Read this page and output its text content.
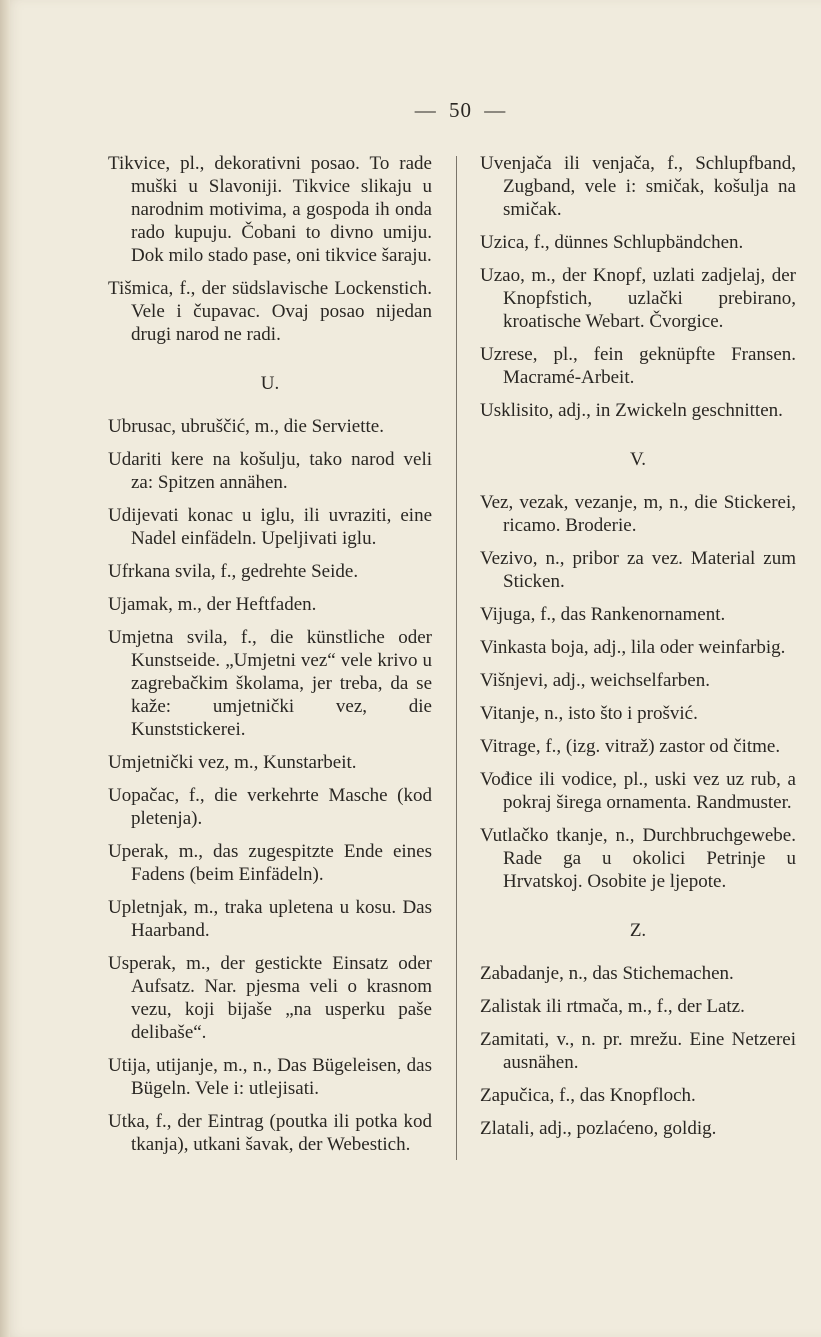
— 50 —

Tikvice, pl., dekorativni posao. To rade muški u Slavoniji. Tikvice slikaju u narodnim motivima, a gospoda ih onda rado kupuju. Čobani to divno umiju. Dok milo stado pase, oni tikvice šaraju.

Tišmica, f., der südslavische Lockenstich. Vele i čupavac. Ovaj posao nijedan drugi narod ne radi.

U.

Ubrusac, ubruščić, m., die Serviette.

Udariti kere na košulju, tako narod veli za: Spitzen annähen.

Udijevati konac u iglu, ili uvraziti, eine Nadel einfädeln. Upeljivati iglu.

Ufrkana svila, f., gedrehte Seide.

Ujamak, m., der Heftfaden.

Umjetna svila, f., die künstliche oder Kunstseide. „Umjetni vez“ vele krivo u zagrebačkim školama, jer treba, da se kaže: umjetnički vez, die Kunststickerei.

Umjetnički vez, m., Kunstarbeit.

Uopačac, f., die verkehrte Masche (kod pletenja).

Uperak, m., das zugespitzte Ende eines Fadens (beim Einfädeln).

Upletnjak, m., traka upletena u kosu. Das Haarband.

Usperak, m., der gestickte Einsatz oder Aufsatz. Nar. pjesma veli o krasnom vezu, koji bijaše „na usperku paše delibaše“.

Utija, utijanje, m., n., Das Bügeleisen, das Bügeln. Vele i: utlejisati.

Utka, f., der Eintrag (poutka ili potka kod tkanja), utkani šavak, der Webestich.

Uvenjača ili venjača, f., Schlupfband, Zugband, vele i: smičak, košulja na smičak.

Uzica, f., dünnes Schlupbändchen.

Uzao, m., der Knopf, uzlati zadjelaj, der Knopfstich, uzlački prebirano, kroatische Webart. Čvorgice.

Uzrese, pl., fein geknüpfte Fransen. Macramé-Arbeit.

Usklisito, adj., in Zwickeln geschnitten.

V.

Vez, vezak, vezanje, m, n., die Stickerei, ricamo. Broderie.

Vezivo, n., pribor za vez. Material zum Sticken.

Vijuga, f., das Rankenornament.

Vinkasta boja, adj., lila oder weinfarbig.

Višnjevi, adj., weichselfarben.

Vitanje, n., isto što i prošvić.

Vitrage, f., (izg. vitraž) zastor od čitme.

Vođice ili vodice, pl., uski vez uz rub, a pokraj širega ornamenta. Randmuster.

Vutlačko tkanje, n., Durchbruchgewebe. Rade ga u okolici Petrinje u Hrvatskoj. Osobite je ljepote.

Z.

Zabadanje, n., das Stichemachen.

Zalistak ili rtmača, m., f., der Latz.

Zamitati, v., n. pr. mrežu. Eine Netzerei ausnähen.

Zapučica, f., das Knopfloch.

Zlatali, adj., pozlaćeno, goldig.
